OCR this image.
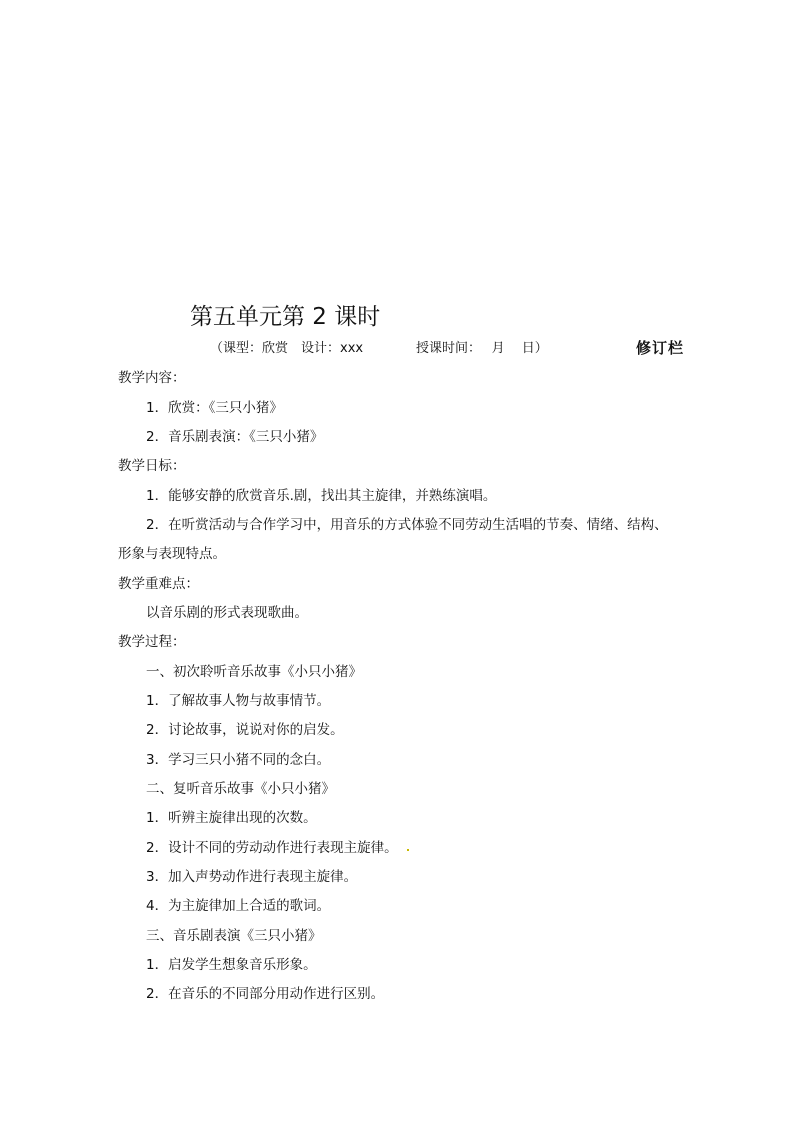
第五单元第 2 课时
（课型：欣赏　设计：xxx	授课时间：　 月　 日）	修订栏
教学内容：
1．欣赏：《三只小猪》
2．音乐剧表演：《三只小猪》
教学日标：
1．能够安静的欣赏音乐.剧，找出其主旋律，并熟练演唱。
2．在听赏活动与合作学习中，用音乐的方式体验不同劳动生活唱的节奏、情绪、结构、
形象与表现特点。
教学重难点：
以音乐剧的形式表现歌曲。
教学过程：
一、初次聆听音乐故事《小只小猪》
1．了解故事人物与故事情节。
2．讨论故事，说说对你的启发。
3．学习三只小猪不同的念白。
二、复听音乐故事《小只小猪》
1．听辨主旋律出现的次数。
2．设计不同的劳动动作进行表现主旋律。
3．加入声势动作进行表现主旋律。
4．为主旋律加上合适的歌词。
三、音乐剧表演《三只小猪》
1．启发学生想象音乐形象。
2．在音乐的不同部分用动作进行区别。
